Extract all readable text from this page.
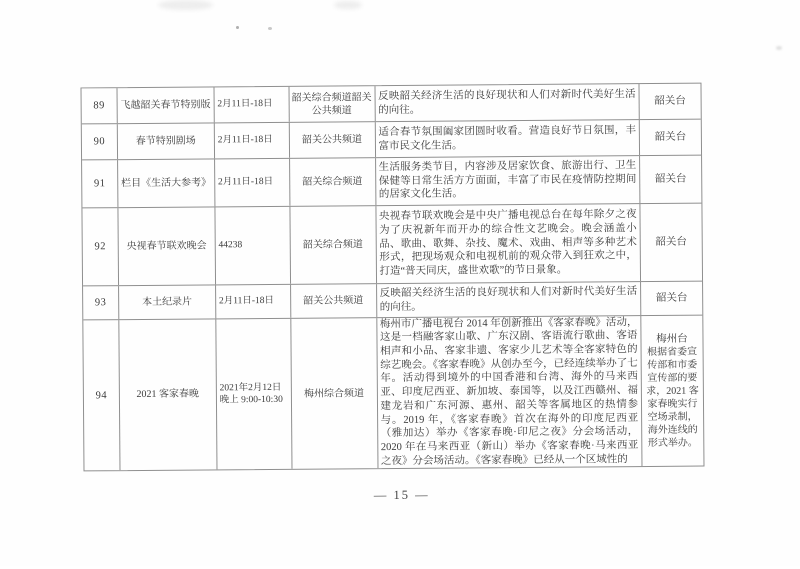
89	飞越韶关春节特别版 2月11日-18日
韶关综合频道韶关公共频道
反映韶关经济生活的良好现状和人们对新时代美好生活的向往。
韶关台
90	春节特别剧场	2月11日-18日	韶关公共频道
适合春节氛围阖家团圆时收看。营造良好节日氛围，丰富市民文化生活。
韶关台
91	栏目《生活大参考》 2月11日-18日	韶关综合频道
生活服务类节目，内容涉及居家饮食、旅游出行、卫生保健等日常生活方方面面，丰富了市民在疫情防控期间的居家文化生活。
韶关台
92	央视春节联欢晚会	44238	韶关综合频道
央视春节联欢晚会是中央广播电视总台在每年除夕之夜为了庆祝新年而开办的综合性文艺晚会。晚会涵盖小品、歌曲、歌舞、杂技、魔术、戏曲、相声等多种艺术形式，把现场观众和电视机前的观众带入到狂欢之中，打造“普天同庆，盛世欢歌”的节日景象。
韶关台
93	本土纪录片	2月11日-18日	韶关公共频道
反映韶关经济生活的良好现状和人们对新时代美好生活的向往。
韶关台
94	2021 客家春晚
2021年2月12日晚上 9:00-10:30
梅州综合频道
梅州市广播电视台 2014 年创新推出《客家春晚》活动，这是一档融客家山歌、广东汉剧、客语流行歌曲、客语相声和小品、客家非遗、客家少儿艺术等全客家特色的综艺晚会。《客家春晚》从创办至今，已经连续举办了七年。活动得到境外的中国香港和台湾、海外的马来西亚、印度尼西亚、新加坡、泰国等，以及江西赣州、福建龙岩和广东河源、惠州、韶关等客属地区的热情参与。2019 年，《客家春晚》首次在海外的印度尼西亚（雅加达）举办《客家春晚·印尼之夜》分会场活动，2020 年在马来西亚（新山）举办《客家春晚·马来西亚之夜》分会场活动。《客家春晚》已经从一个区域性的
梅州台
根据省委宣传部和市委宣传部的要求，2021 客家春晚实行空场录制，海外连线的形式举办。
— 15 —
